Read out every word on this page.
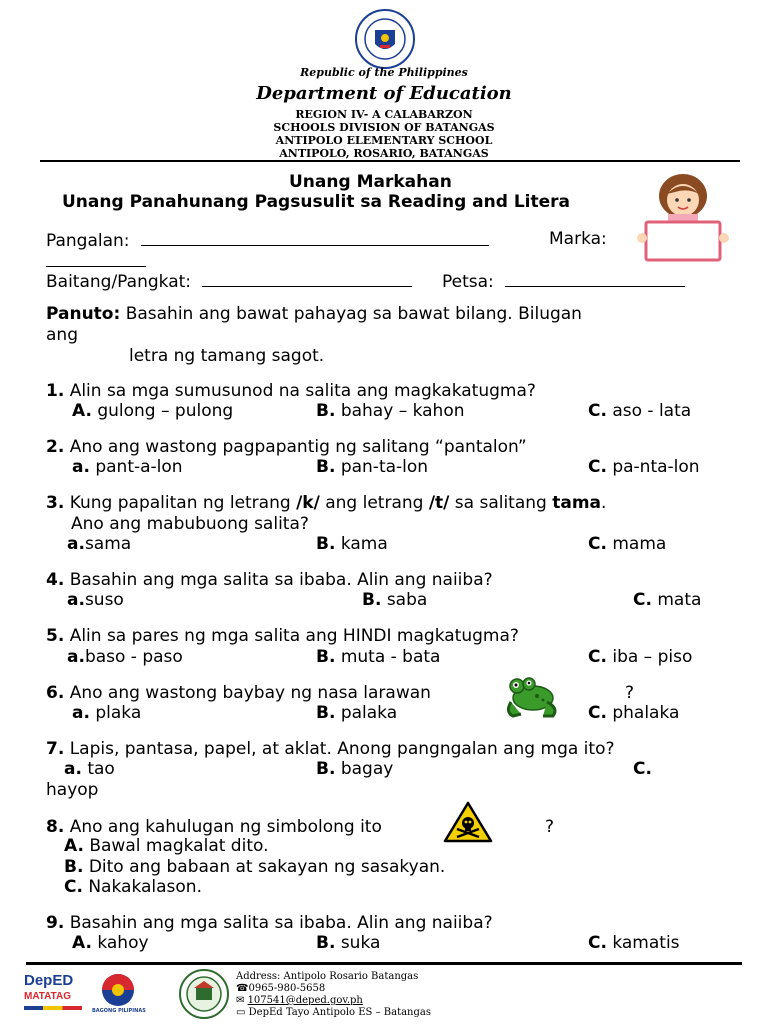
Republic of the Philippines
Department of Education
REGION IV- A CALABARZON
SCHOOLS DIVISION OF BATANGAS
ANTIPOLO ELEMENTARY SCHOOL
ANTIPOLO, ROSARIO, BATANGAS
Unang Markahan
Unang Panahunang Pagsusulit sa Reading and Litera
Pangalan:	Marka:
Baitang/Pangkat:	Petsa:
Panuto: Basahin ang bawat pahayag sa bawat bilang. Bilugan
ang
letra ng tamang sagot.
1. Alin sa mga sumusunod na salita ang magkakatugma?
A. gulong – pulong	B. bahay – kahon	C. aso - lata
2. Ano ang wastong pagpapantig ng salitang “pantalon”
a. pant-a-lon	B. pan-ta-lon	C. pa-nta-lon
3. Kung papalitan ng letrang /k/ ang letrang /t/ sa salitang tama.
Ano ang mabubuong salita?
a.sama	B. kama	C. mama
4. Basahin ang mga salita sa ibaba. Alin ang naiiba?
a.suso	B. saba	C. mata
5. Alin sa pares ng mga salita ang HINDI magkatugma?
a.baso - paso	B. muta - bata	C. iba – piso
6. Ano ang wastong baybay ng nasa larawan	?
a. plaka	B. palaka	C. phalaka
7. Lapis, pantasa, papel, at aklat. Anong pangngalan ang mga ito?
a. tao	B. bagay	C.
hayop
8. Ano ang kahulugan ng simbolong ito	?
A. Bawal magkalat dito.
B. Dito ang babaan at sakayan ng sasakyan.
C. Nakakalason.
9. Basahin ang mga salita sa ibaba. Alin ang naiiba?
A. kahoy	B. suka	C. kamatis
DepED
MATATAG
BAGONG PILIPINAS
Address: Antipolo Rosario Batangas
☎0965-980-5658
✉ 107541@deped.gov.ph
▭ DepEd Tayo Antipolo ES – Batangas
